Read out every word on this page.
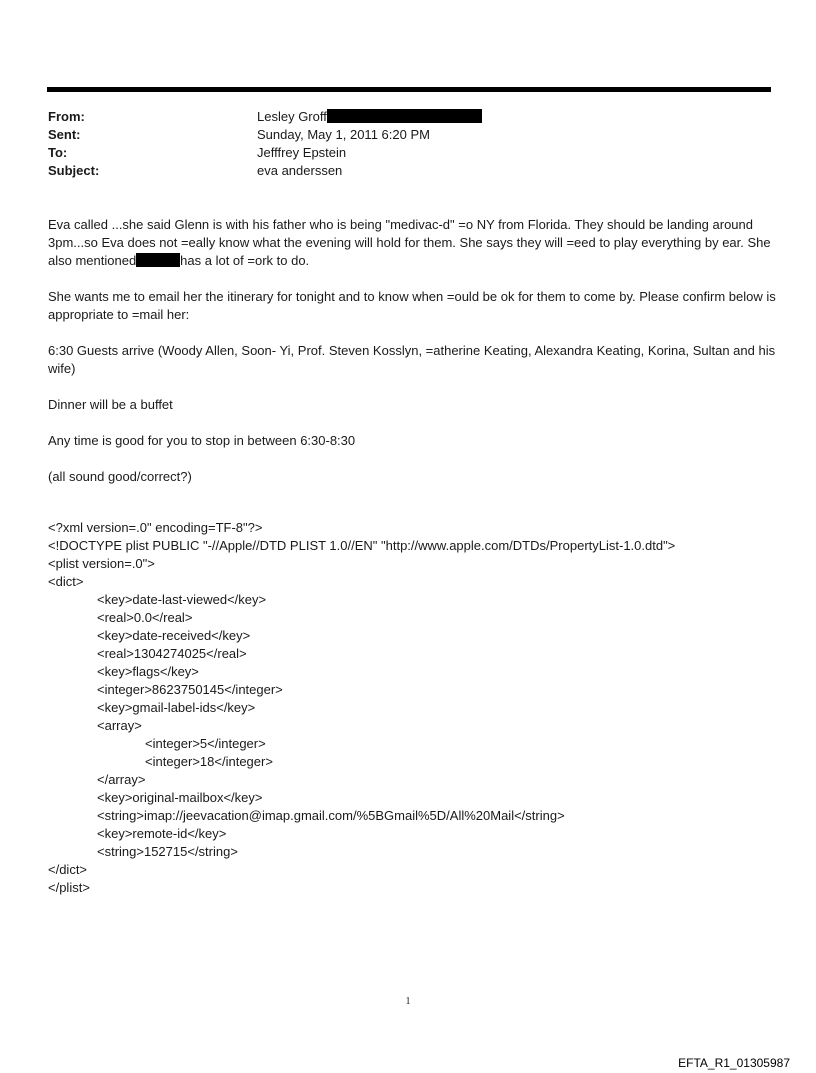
From:	Lesley Groff
Sent:	Sunday, May 1, 2011 6:20 PM
To:	Jefffrey Epstein
Subject:	eva anderssen

Eva called ...she said Glenn is with his father who is being "medivac-d" =o NY from Florida. They should be landing around 3pm...so Eva does not =eally know what the evening will hold for them. She says they will =eed to play everything by ear. She also mentioned	has a lot of =ork to do.

She wants me to email her the itinerary for tonight and to know when =ould be ok for them to come by. Please confirm below is appropriate to =mail her:

6:30 Guests arrive (Woody Allen, Soon- Yi, Prof. Steven Kosslyn, =atherine Keating, Alexandra Keating, Korina, Sultan and his wife)

Dinner will be a buffet

Any time is good for you to stop in between 6:30-8:30

(all sound good/correct?)

<?xml version=.0" encoding=TF-8"?>
<!DOCTYPE plist PUBLIC "-//Apple//DTD PLIST 1.0//EN" "http://www.apple.com/DTDs/PropertyList-1.0.dtd">
<plist version=.0">
<dict>
<key>date-last-viewed</key>
<real>0.0</real>
<key>date-received</key>
<real>1304274025</real>
<key>flags</key>
<integer>8623750145</integer>
<key>gmail-label-ids</key>
<array>
<integer>5</integer>
<integer>18</integer>
</array>
<key>original-mailbox</key>
<string>imap://jeevacation@imap.gmail.com/%5BGmail%5D/All%20Mail</string>
<key>remote-id</key>
<string>152715</string>
</dict>
</plist>
1
EFTA_R1_01305987
